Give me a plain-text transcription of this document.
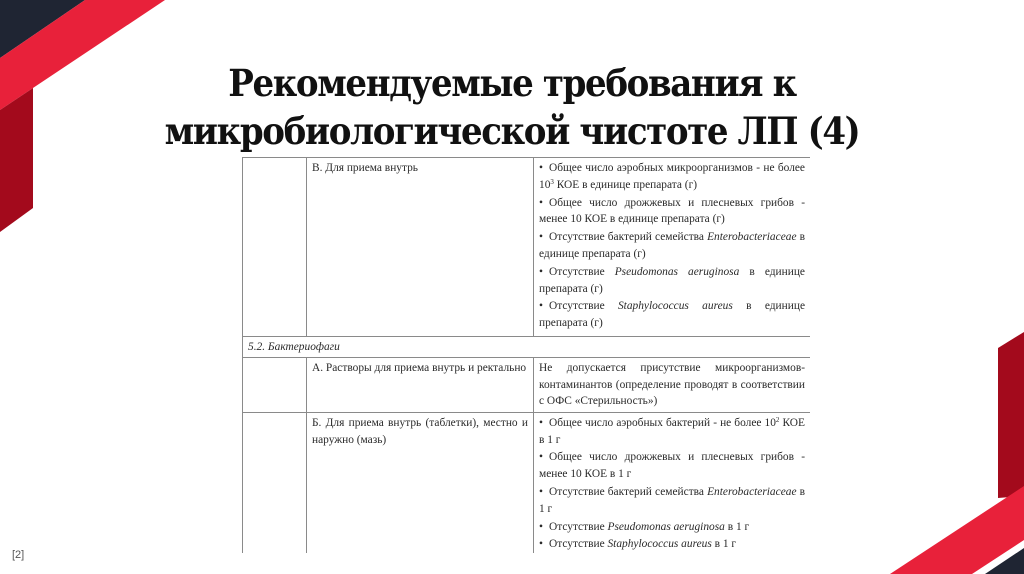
Рекомендуемые требования к
микробиологической чистоте ЛП (4)
	В. Для приема внутрь	• Общее число аэробных микроорганизмов - не более $10^3$ КОЕ в единице препарата (г)

• Общее число дрожжевых и плесневых грибов - менее 10 КОЕ в единице препарата (г)

• Отсутствие бактерий семейства Enterobacteriaceae в единице препарата (г)

• Отсутствие Pseudomonas aeruginosa в единице препарата (г)

• Отсутствие Staphylococcus aureus в единице препарата (г)

5.2. Бактериофаги		
	А. Растворы для приема внутрь и ректально	Не допускается присутствие микроорганизмов-контаминантов (определение проводят в соответствии с ОФС «Стерильность»)
	Б. Для приема внутрь (таблетки), местно и наружно (мазь)	• Общее число аэробных бактерий - не более $10^2$ КОЕ в 1 г

• Общее число дрожжевых и плесневых грибов - менее 10 КОЕ в 1 г

• Отсутствие бактерий семейства Enterobacteriaceae в 1 г

• Отсутствие Pseudomonas aeruginosa в 1 г

• Отсутствие Staphylococcus aureus в 1 г

[2]
